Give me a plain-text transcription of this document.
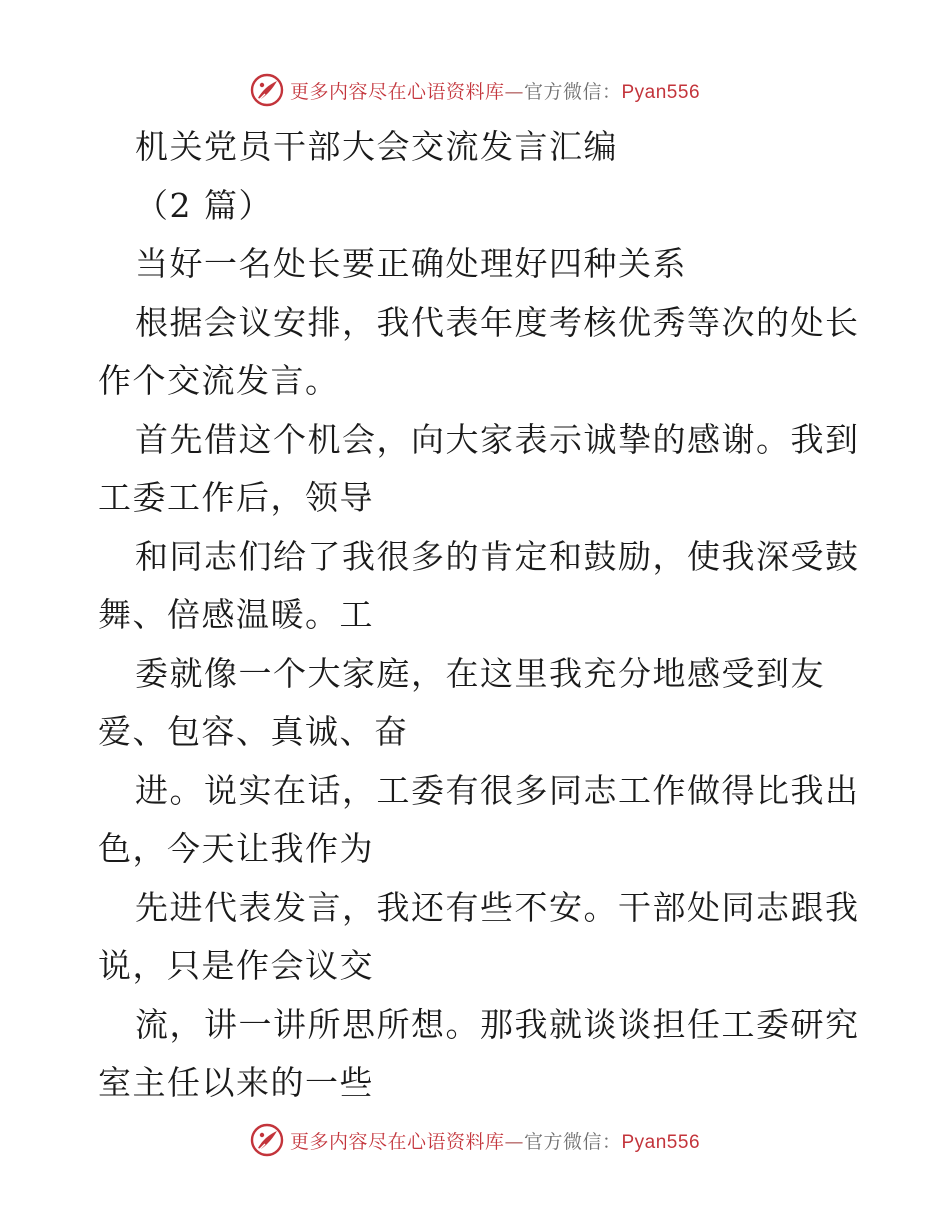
更多内容尽在心语资料库—官方微信：Pyan556
机关党员干部大会交流发言汇编
（2 篇）
当好一名处长要正确处理好四种关系
根据会议安排，我代表年度考核优秀等次的处长
作个交流发言。
首先借这个机会，向大家表示诚挚的感谢。我到
工委工作后，领导
和同志们给了我很多的肯定和鼓励，使我深受鼓
舞、倍感温暖。工
委就像一个大家庭，在这里我充分地感受到友
爱、包容、真诚、奋
进。说实在话，工委有很多同志工作做得比我出
色，今天让我作为
先进代表发言，我还有些不安。干部处同志跟我
说，只是作会议交
流，讲一讲所思所想。那我就谈谈担任工委研究
室主任以来的一些
更多内容尽在心语资料库—官方微信：Pyan556
